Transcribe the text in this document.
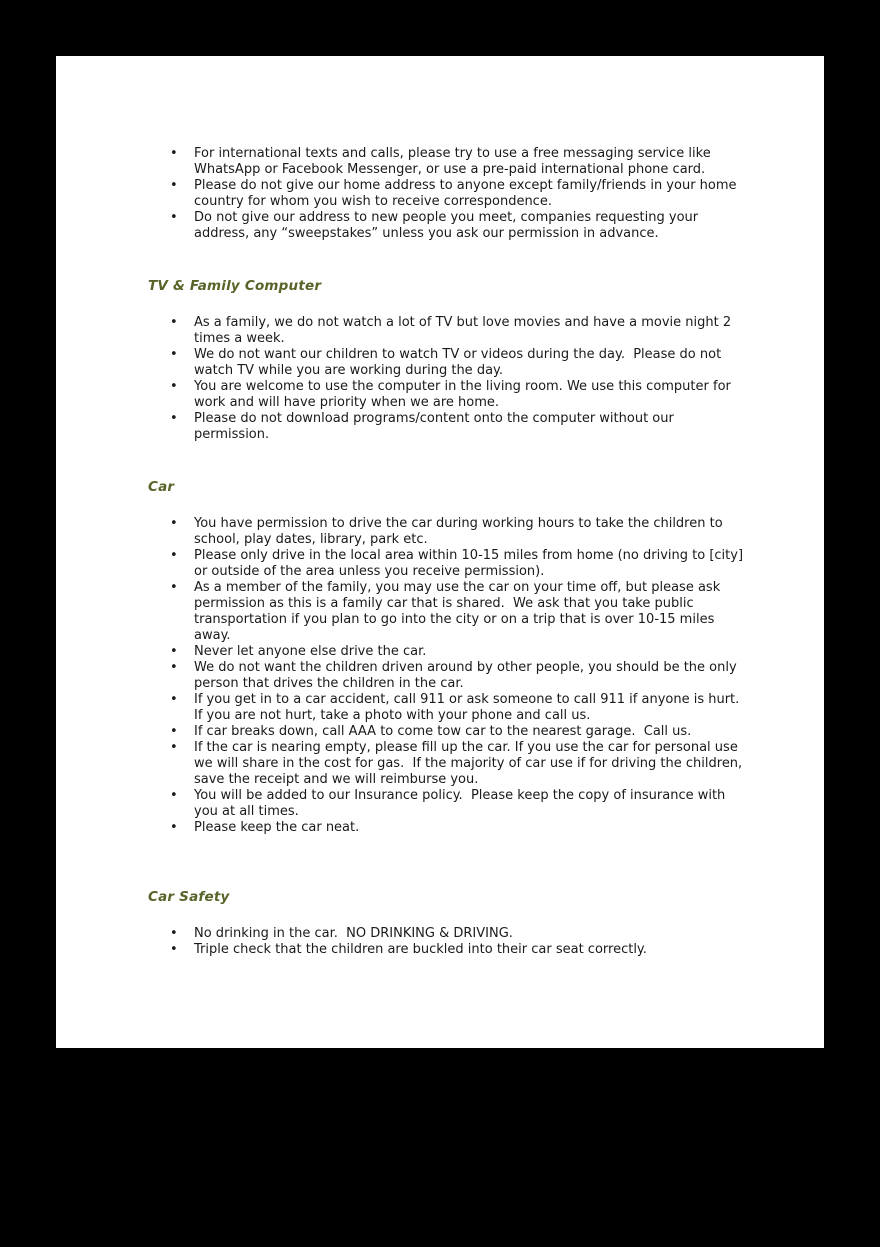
• For international texts and calls, please try to use a free messaging service like WhatsApp or Facebook Messenger, or use a pre-paid international phone card.
• Please do not give our home address to anyone except family/friends in your home country for whom you wish to receive correspondence.
• Do not give our address to new people you meet, companies requesting your address, any “sweepstakes” unless you ask our permission in advance.
TV & Family Computer
• As a family, we do not watch a lot of TV but love movies and have a movie night 2 times a week.
• We do not want our children to watch TV or videos during the day.  Please do not watch TV while you are working during the day.
• You are welcome to use the computer in the living room. We use this computer for work and will have priority when we are home.
• Please do not download programs/content onto the computer without our permission.
Car
• You have permission to drive the car during working hours to take the children to school, play dates, library, park etc.
• Please only drive in the local area within 10-15 miles from home (no driving to [city] or outside of the area unless you receive permission).
• As a member of the family, you may use the car on your time off, but please ask permission as this is a family car that is shared.  We ask that you take public transportation if you plan to go into the city or on a trip that is over 10-15 miles away.
• Never let anyone else drive the car.
• We do not want the children driven around by other people, you should be the only person that drives the children in the car.
• If you get in to a car accident, call 911 or ask someone to call 911 if anyone is hurt.  If you are not hurt, take a photo with your phone and call us.
• If car breaks down, call AAA to come tow car to the nearest garage.  Call us.
• If the car is nearing empty, please fill up the car. If you use the car for personal use we will share in the cost for gas.  If the majority of car use if for driving the children, save the receipt and we will reimburse you.
• You will be added to our Insurance policy.  Please keep the copy of insurance with you at all times.
• Please keep the car neat.
Car Safety
• No drinking in the car.  NO DRINKING & DRIVING.
• Triple check that the children are buckled into their car seat correctly.
